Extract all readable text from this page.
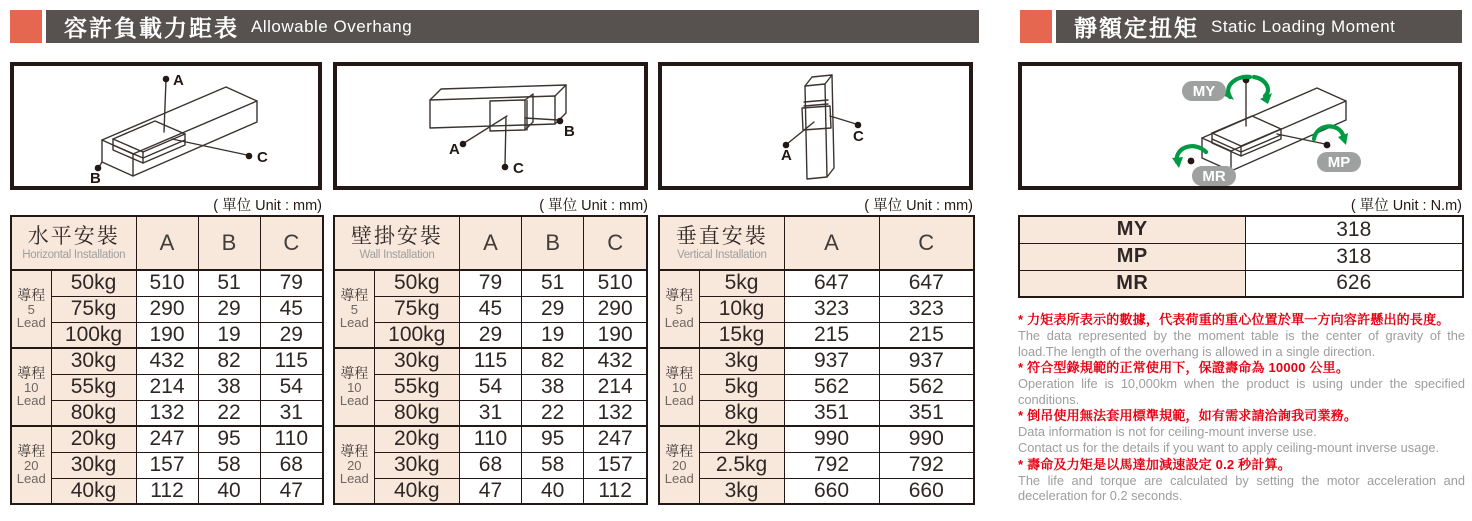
容許負載力距表 Allowable Overhang	靜額定扭矩 Static Loading Moment
A
C
B
B
A
C
A
C
MY
MP
MR
( 單位 Unit : mm)	( 單位 Unit : mm)	( 單位 Unit : mm)	( 單位 Unit : N.m)
水平安裝
Horizontal Installation		A	B	C

導程
5
Lead	50kg	510	51	79
	75kg	290	29	45
	100kg	190	19	29

導程
10
Lead	30kg	432	82	115
	55kg	214	38	54
	80kg	132	22	31

導程
20
Lead	20kg	247	95	110
	30kg	157	58	68
	40kg	112	40	47
壁掛安裝
Wall Installation		A	B	C

導程
5
Lead	50kg	79	51	510
	75kg	45	29	290
	100kg	29	19	190

導程
10
Lead	30kg	115	82	432
	55kg	54	38	214
	80kg	31	22	132

導程
20
Lead	20kg	110	95	247
	30kg	68	58	157
	40kg	47	40	112
垂直安裝
Vertical Installation		A	C

導程
5
Lead	5kg	647	647
	10kg	323	323
	15kg	215	215

導程
10
Lead	3kg	937	937
	5kg	562	562
	8kg	351	351

導程
20
Lead	2kg	990	990
	2.5kg	792	792
	3kg	660	660
MY	318
MP	318
MR	626
* 力矩表所表示的數據，代表荷重的重心位置於單一方向容許懸出的長度。
The data represented by the moment table is the center of gravity of the load.The length of the overhang is allowed in a single direction.
* 符合型錄規範的正常使用下，保證壽命為 10000 公里。
Operation life is 10,000km when the product is using under the specified conditions.
* 倒吊使用無法套用標準規範，如有需求請洽詢我司業務。
Data information is not for ceiling-mount inverse use.
Contact us for the details if you want to apply ceiling-mount inverse usage.
* 壽命及力矩是以馬達加減速設定 0.2 秒計算。
The life and torque are calculated by setting the motor acceleration and deceleration for 0.2 seconds.
